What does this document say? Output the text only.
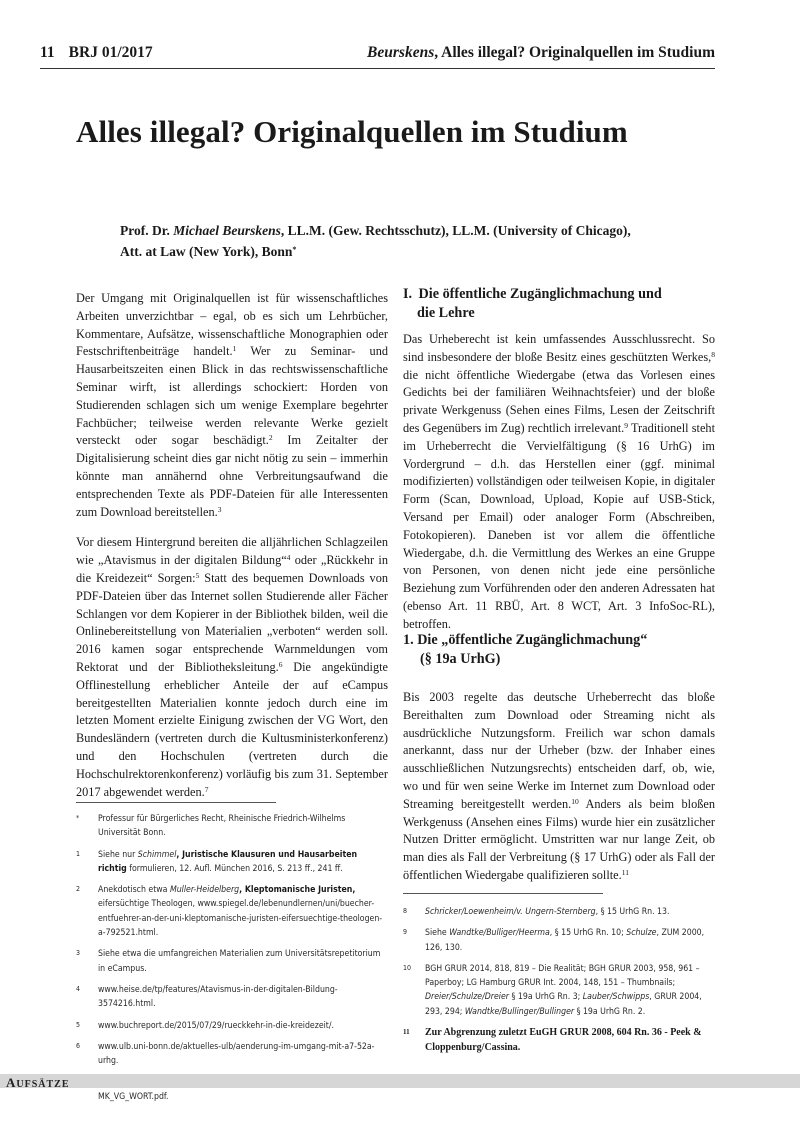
11 BRJ 01/2017	Beurskens, Alles illegal? Originalquellen im Studium
Alles illegal? Originalquellen im Studium
Prof. Dr. Michael Beurskens, LL.M. (Gew. Rechtsschutz), LL.M. (University of Chicago),
Att. at Law (New York), Bonn*

Der Umgang mit Originalquellen ist für wissenschaftliches Arbeiten unverzichtbar – egal, ob es sich um Lehrbücher, Kommentare, Aufsätze, wissenschaftliche Monographien oder Festschriftenbeiträge handelt.$^1$ Wer zu Seminar- und Hausarbeitszeiten einen Blick in das rechtswissenschaftliche Seminar wirft, ist allerdings schockiert: Horden von Studierenden schlagen sich um wenige Exemplare begehrter Fachbücher; teilweise werden relevante Werke gezielt versteckt oder sogar beschädigt.$^2$ Im Zeitalter der Digitalisierung scheint dies gar nicht nötig zu sein – immerhin könnte man annähernd ohne Verbreitungsaufwand die entsprechenden Texte als PDF-Dateien für alle Interessenten zum Download bereitstellen.$^3$

Vor diesem Hintergrund bereiten die alljährlichen Schlagzeilen wie „Atavismus in der digitalen Bildung“$^4$ oder „Rückkehr in die Kreidezeit“ Sorgen:$^5$ Statt des bequemen Downloads von PDF-Dateien über das Internet sollen Studierende aller Fächer Schlangen vor dem Kopierer in der Bibliothek bilden, weil die Onlinebereitstellung von Materialien „verboten“ werden soll. 2016 kamen sogar entsprechende Warnmeldungen vom Rektorat und der Bibliotheksleitung.$^6$ Die angekündigte Offlinestellung erheblicher Anteile der auf eCampus bereitgestellten Materialien konnte jedoch durch eine im letzten Moment erzielte Einigung zwischen der VG Wort, den Bundesländern (vertreten durch die Kultusministerkonferenz) und den Hochschulen (vertreten durch die Hochschulrektorenkonferenz) vorläufig bis zum 31. September 2017 abgewendet werden.$^7$

I. Die öffentliche Zugänglichmachung und
die Lehre

Das Urheberecht ist kein umfassendes Ausschlussrecht. So sind insbesondere der bloße Besitz eines geschützten Werkes,$^8$ die nicht öffentliche Wiedergabe (etwa das Vorlesen eines Gedichts bei der familiären Weihnachtsfeier) und der bloße private Werkgenuss (Sehen eines Films, Lesen der Zeitschrift des Gegenübers im Zug) rechtlich irrelevant.$^9$ Traditionell steht im Urheberrecht die Vervielfältigung (§ 16 UrhG) im Vordergrund – d.h. das Herstellen einer (ggf. minimal modifizierten) vollständigen oder teilweisen Kopie, in digitaler Form (Scan, Download, Upload, Kopie auf USB-Stick, Versand per Email) oder analoger Form (Abschreiben, Fotokopieren). Daneben ist vor allem die öffentliche Wiedergabe, d.h. die Vermittlung des Werkes an eine Gruppe von Personen, von denen nicht jede eine persönliche Beziehung zum Vorführenden oder den anderen Adressaten hat (ebenso Art. 11 RBÜ, Art. 8 WCT, Art. 3 InfoSoc-RL), betroffen.

1. Die „öffentliche Zugänglichmachung“
(§ 19a UrhG)

Bis 2003 regelte das deutsche Urheberrecht das bloße Bereithalten zum Download oder Streaming nicht als ausdrückliche Nutzungsform. Freilich war schon damals anerkannt, dass nur der Urheber (bzw. der Inhaber eines ausschließlichen Nutzungsrechts) entscheiden darf, ob, wie, wo und für wen seine Werke im Internet zum Download oder Streaming bereitgestellt werden.$^{10}$ Anders als beim bloßen Werkgenuss (Ansehen eines Films) wurde hier ein zusätzlicher Nutzen Dritter ermöglicht. Umstritten war nur lange Zeit, ob man dies als Fall der Verbreitung (§ 17 UrhG) oder als Fall der öffentlichen Wiedergabe qualifizieren sollte.$^{11}$

* Professur für Bürgerliches Recht, Rheinische Friedrich-Wilhelms Universität Bonn.
1 Siehe nur Schimmel, Juristische Klausuren und Hausarbeiten richtig formulieren, 12. Aufl. München 2016, S. 213 ff., 241 ff.
2 Anekdotisch etwa Muller-Heidelberg, Kleptomanische Juristen, eifersüchtige Theologen, www.spiegel.de/lebenundlernen/uni/buecher-entfuehrer-an-der-uni-kleptomanische-juristen-eifersuechtige-theologen-a-792521.html.
3 Siehe etwa die umfangreichen Materialien zum Universitätsrepetitorium in eCampus.
4 www.heise.de/tp/features/Atavismus-in-der-digitalen-Bildung-3574216.html.
5 www.buchreport.de/2015/07/29/rueckkehr-in-die-kreidezeit/.
6 www.ulb.uni-bonn.de/aktuelles-ulb/aenderung-im-umgang-mit-a7-52a-urhg.
MK_VG_WORT.pdf.
8 Schricker/Loewenheim/v. Ungern-Sternberg, § 15 UrhG Rn. 13.
9 Siehe Wandtke/Bulliger/Heerma, § 15 UrhG Rn. 10; Schulze, ZUM 2000, 126, 130.
10 BGH GRUR 2014, 818, 819 – Die Realität; BGH GRUR 2003, 958, 961 – Paperboy; LG Hamburg GRUR Int. 2004, 148, 151 – Thumbnails; Dreier/Schulze/Dreier § 19a UrhG Rn. 3; Lauber/Schwipps, GRUR 2004, 293, 294; Wandtke/Bullinger/Bullinger § 19a UrhG Rn. 2.
11 Zur Abgrenzung zuletzt EuGH GRUR 2008, 604 Rn. 36 - Peek & Cloppenburg/Cassina.
AUFSÄTZE
